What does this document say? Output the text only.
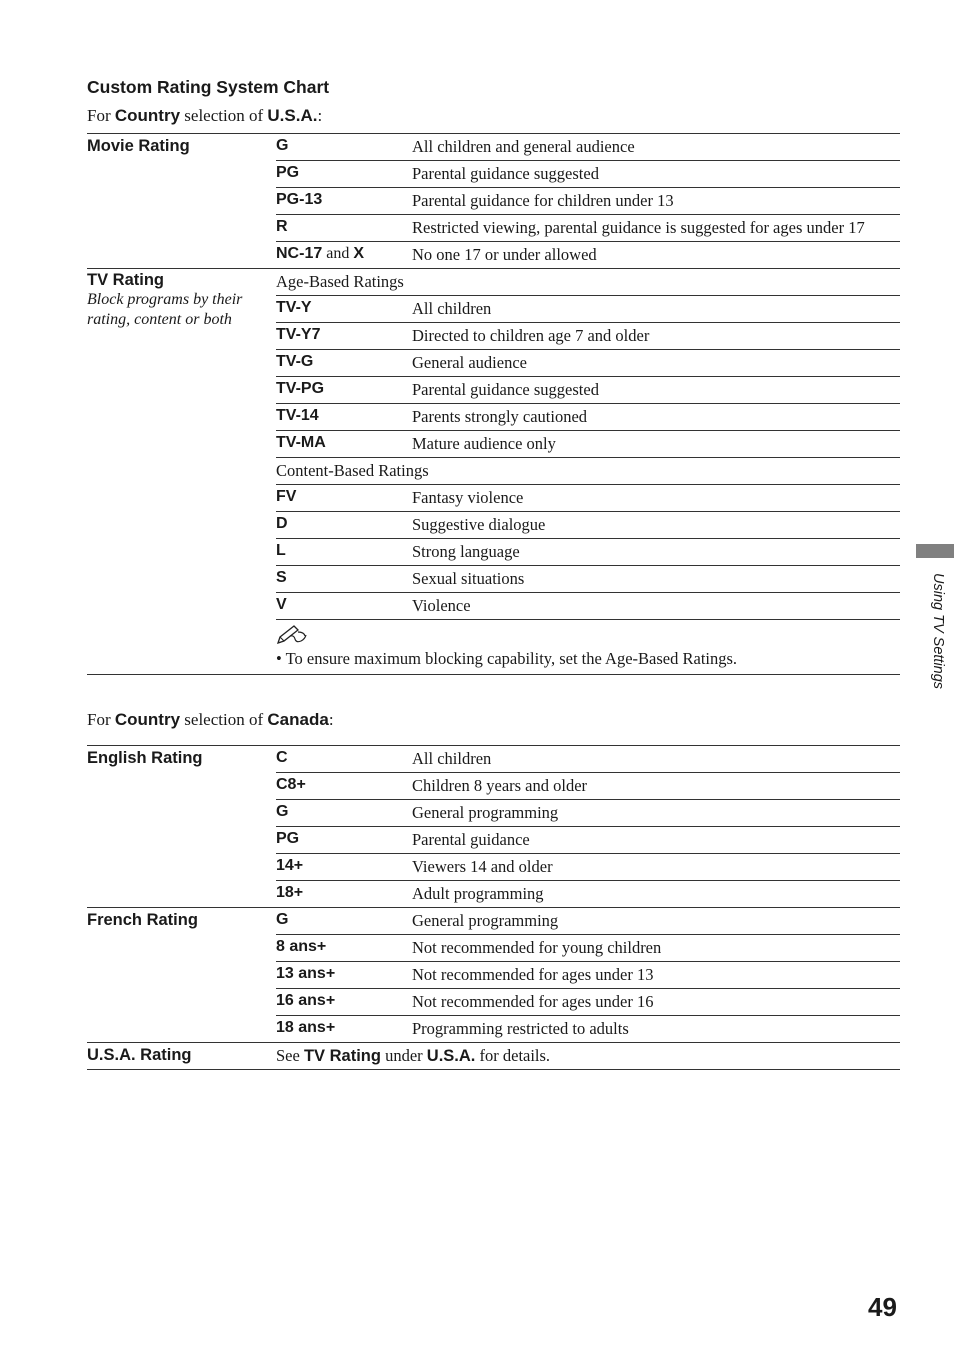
Custom Rating System Chart
For Country selection of U.S.A.:
Movie Rating	G	All children and general audience
PG	Parental guidance suggested
PG-13	Parental guidance for children under 13
R	Restricted viewing, parental guidance is suggested for ages under 17
NC-17 and X	No one 17 or under allowed
TV Rating
Block programs by their
rating, content or both
Age-Based Ratings
TV-Y	All children
TV-Y7	Directed to children age 7 and older
TV-G	General audience
TV-PG	Parental guidance suggested
TV-14	Parents strongly cautioned
TV-MA	Mature audience only
Content-Based Ratings
FV	Fantasy violence
D	Suggestive dialogue
L	Strong language
S	Sexual situations
V	Violence
• To ensure maximum blocking capability, set the Age-Based Ratings.
For Country selection of Canada:
English Rating	C	All children
C8+	Children 8 years and older
G	General programming
PG	Parental guidance
14+	Viewers 14 and older
18+	Adult programming
French Rating	G	General programming
8 ans+	Not recommended for young children
13 ans+	Not recommended for ages under 13
16 ans+	Not recommended for ages under 16
18 ans+	Programming restricted to adults
U.S.A. Rating	See TV Rating under U.S.A. for details.
Using TV Settings
49
